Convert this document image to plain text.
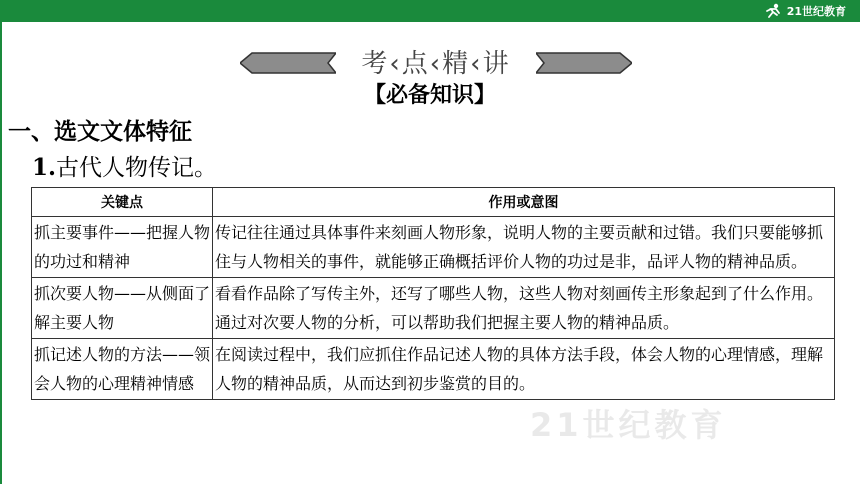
21世纪教育
考‹点‹精‹讲
【必备知识】
一、选文文体特征
1.古代人物传记。
关键点	作用或意图
抓主要事件——把握人物的功过和精神	传记往往通过具体事件来刻画人物形象，说明人物的主要贡献和过错。我们只要能够抓住与人物相关的事件，就能够正确概括评价人物的功过是非，品评人物的精神品质。
抓次要人物——从侧面了解主要人物	看看作品除了写传主外，还写了哪些人物，这些人物对刻画传主形象起到了什么作用。通过对次要人物的分析，可以帮助我们把握主要人物的精神品质。
抓记述人物的方法——领会人物的心理精神情感	在阅读过程中，我们应抓住作品记述人物的具体方法手段，体会人物的心理情感，理解人物的精神品质，从而达到初步鉴赏的目的。
21世纪教育
